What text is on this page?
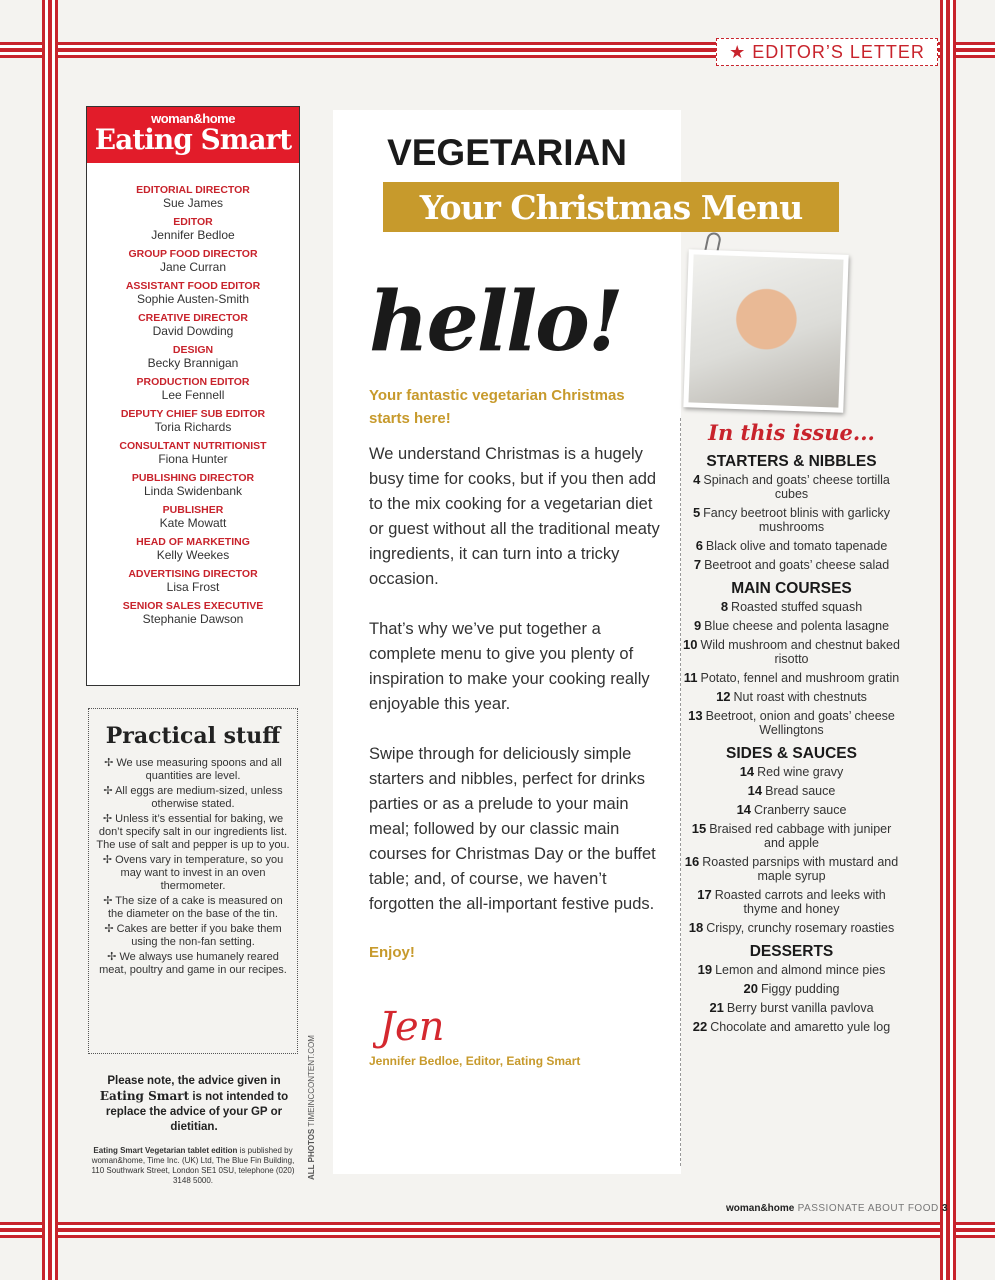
★ EDITOR’S LETTER
woman&home
Eating Smart
EDITORIAL DIRECTOR
Sue James
EDITOR
Jennifer Bedloe
GROUP FOOD DIRECTOR
Jane Curran
ASSISTANT FOOD EDITOR
Sophie Austen-Smith
CREATIVE DIRECTOR
David Dowding
DESIGN
Becky Brannigan
PRODUCTION EDITOR
Lee Fennell
DEPUTY CHIEF SUB EDITOR
Toria Richards
CONSULTANT NUTRITIONIST
Fiona Hunter
PUBLISHING DIRECTOR
Linda Swidenbank
PUBLISHER
Kate Mowatt
HEAD OF MARKETING
Kelly Weekes
ADVERTISING DIRECTOR
Lisa Frost
SENIOR SALES EXECUTIVE
Stephanie Dawson
Practical stuff

✢ We use measuring spoons and all quantities are level.

✢ All eggs are medium-sized, unless otherwise stated.

✢ Unless it’s essential for baking, we don’t specify salt in our ingredients list. The use of salt and pepper is up to you.

✢ Ovens vary in temperature, so you may want to invest in an oven thermometer.

✢ The size of a cake is measured on the diameter on the base of the tin.

✢ Cakes are better if you bake them using the non-fan setting.

✢ We always use humanely reared meat, poultry and game in our recipes.

Please note, the advice given in Eating Smart is not intended to replace the advice of your GP or dietitian.
Eating Smart Vegetarian tablet edition is published by woman&home, Time Inc. (UK) Ltd, The Blue Fin Building, 110 Southwark Street, London SE1 0SU, telephone (020) 3148 5000.
ALL PHOTOS TIMEINCCONTENT.COM
VEGETARIAN
Your Christmas Menu
hello!
Your fantastic vegetarian Christmas starts here!

We understand Christmas is a hugely busy time for cooks, but if you then add to the mix cooking for a vegetarian diet or guest without all the traditional meaty ingredients, it can turn into a tricky occasion.

That’s why we’ve put together a complete menu to give you plenty of inspiration to make your cooking really enjoyable this year.

Swipe through for deliciously simple starters and nibbles, perfect for drinks parties or as a prelude to your main meal; followed by our classic main courses for Christmas Day or the buffet table; and, of course, we haven’t forgotten the all-important festive puds.

Enjoy!
Jen
Jennifer Bedloe, Editor, Eating Smart
In this issue...
STARTERS & NIBBLES
4 Spinach and goats’ cheese tortilla cubes
5 Fancy beetroot blinis with garlicky mushrooms
6 Black olive and tomato tapenade
7 Beetroot and goats’ cheese salad
MAIN COURSES
8 Roasted stuffed squash
9 Blue cheese and polenta lasagne
10 Wild mushroom and chestnut baked risotto
11 Potato, fennel and mushroom gratin
12 Nut roast with chestnuts
13 Beetroot, onion and goats’ cheese Wellingtons
SIDES & SAUCES
14 Red wine gravy
14 Bread sauce
14 Cranberry sauce
15 Braised red cabbage with juniper and apple
16 Roasted parsnips with mustard and maple syrup
17 Roasted carrots and leeks with thyme and honey
18 Crispy, crunchy rosemary roasties
DESSERTS
19 Lemon and almond mince pies
20 Figgy pudding
21 Berry burst vanilla pavlova
22 Chocolate and amaretto yule log
woman&home PASSIONATE ABOUT FOOD 3
